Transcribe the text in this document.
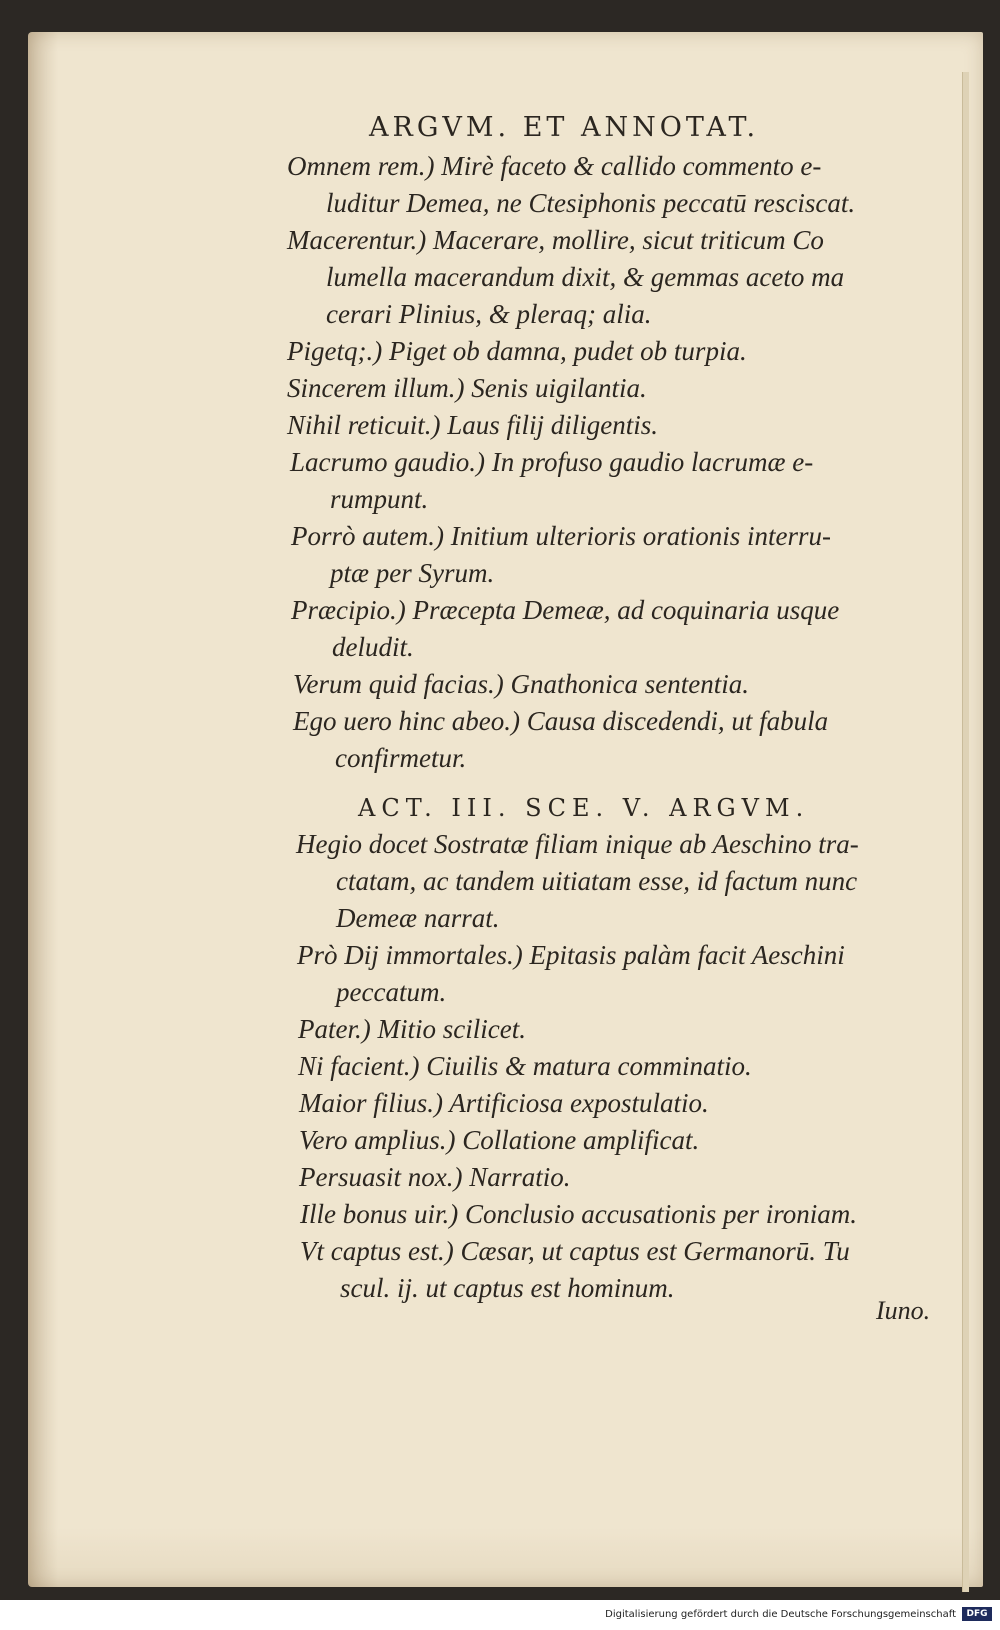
ARGVM. ET ANNOTAT.
Omnem rem.) Mirè faceto & callido commento e-
luditur Demea, ne Ctesiphonis peccatū resciscat.
Macerentur.) Macerare, mollire, sicut triticum Co
lumella macerandum dixit, & gemmas aceto ma
cerari Plinius, & pleraq; alia.
Pigetq;.) Piget ob damna, pudet ob turpia.
Sincerem illum.) Senis uigilantia.
Nihil reticuit.) Laus filij diligentis.
Lacrumo gaudio.) In profuso gaudio lacrumæ e-
rumpunt.
Porrò autem.) Initium ulterioris orationis interru-
ptæ per Syrum.
Præcipio.) Præcepta Demeæ, ad coquinaria usque
deludit.
Verum quid facias.) Gnathonica sententia.
Ego uero hinc abeo.) Causa discedendi, ut fabula
confirmetur.
ACT. III. SCE. V. ARGVM.
Hegio docet Sostratæ filiam inique ab Aeschino tra-
ctatam, ac tandem uitiatam esse, id factum nunc
Demeæ narrat.
Prò Dij immortales.) Epitasis palàm facit Aeschini
peccatum.
Pater.) Mitio scilicet.
Ni facient.) Ciuilis & matura comminatio.
Maior filius.) Artificiosa expostulatio.
Vero amplius.) Collatione amplificat.
Persuasit nox.) Narratio.
Ille bonus uir.) Conclusio accusationis per ironiam.
Vt captus est.) Cæsar, ut captus est Germanorū. Tu
scul. ij. ut captus est hominum.
Iuno.
Digitalisierung gefördert durch die Deutsche Forschungsgemeinschaft	DFG
